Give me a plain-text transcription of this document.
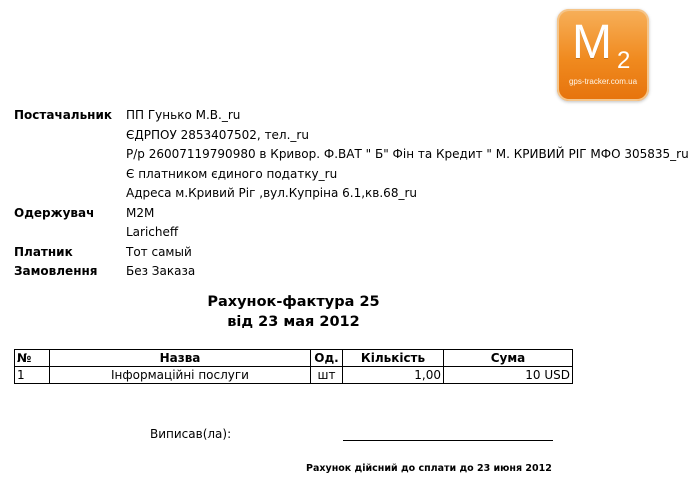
M 2
gps-tracker.com.ua
Постачальник	ПП Гунько М.В._ru
ЄДРПОУ 2853407502, тел._ru
Р/р 26007119790980 в Кривор. Ф.ВАТ " Б" Фін та Кредит " М. КРИВИЙ РІГ МФО 305835_ru
Є платником єдиного податку_ru
Адреса м.Кривий Ріг ,вул.Купріна 6.1,кв.68_ru
Одержувач	M2M
Laricheff
Платник	Тот самый
Замовлення	Без Заказа
Рахунок-фактура 25
від 23 мая 2012
№	Назва	Од.	Кількість	Сума
1	Інформаційні послуги	шт	1,00	10 USD
Виписав(ла):
Рахунок дійсний до сплати до 23 июня 2012
